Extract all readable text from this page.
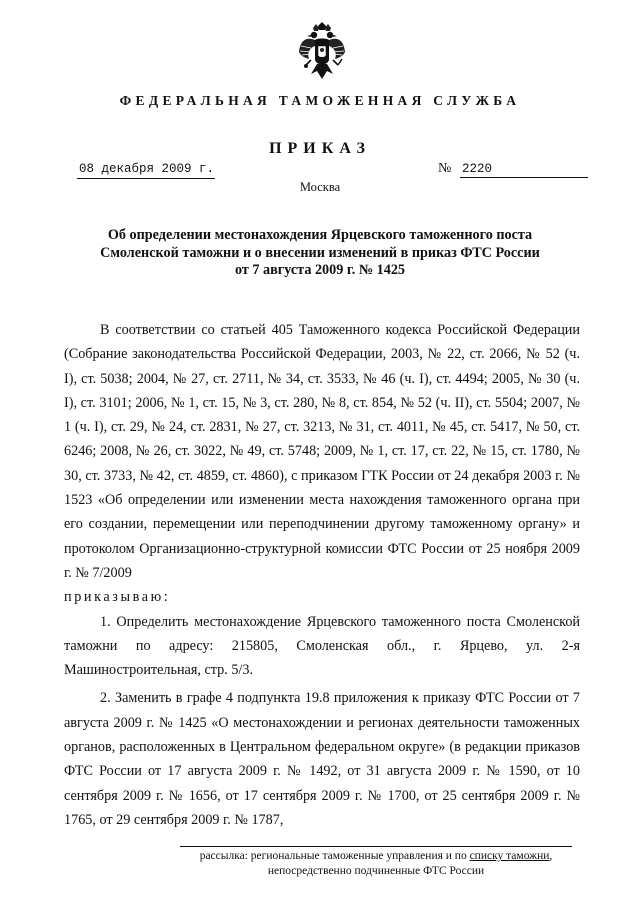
ФЕДЕРАЛЬНАЯ ТАМОЖЕННАЯ СЛУЖБА
ПРИКАЗ
08 декабря 2009 г.	№ 2220
Москва
Об определении местонахождения Ярцевского таможенного поста
Смоленской таможни и о внесении изменений в приказ ФТС России
от 7 августа 2009 г. № 1425

В соответствии со статьей 405 Таможенного кодекса Российской Федерации (Собрание законодательства Российской Федерации, 2003, № 22, ст. 2066, № 52 (ч. I), ст. 5038; 2004, № 27, ст. 2711, № 34, ст. 3533, № 46 (ч. I), ст. 4494; 2005, № 30 (ч. I), ст. 3101; 2006, № 1, ст. 15, № 3, ст. 280, № 8, ст. 854, № 52 (ч. II), ст. 5504; 2007, № 1 (ч. I), ст. 29, № 24, ст. 2831, № 27, ст. 3213, № 31, ст. 4011, № 45, ст. 5417, № 50, ст. 6246; 2008, № 26, ст. 3022, № 49, ст. 5748; 2009, № 1, ст. 17, ст. 22, № 15, ст. 1780, № 30, ст. 3733, № 42, ст. 4859, ст. 4860), с приказом ГТК России от 24 декабря 2003 г. № 1523 «Об определении или изменении места нахождения таможенного органа при его создании, перемещении или переподчинении другому таможенному органу» и протоколом Организационно-структурной комиссии ФТС России от 25 ноября 2009 г. № 7/2009

приказываю:

1. Определить местонахождение Ярцевского таможенного поста Смоленской таможни по адресу: 215805, Смоленская обл., г. Ярцево, ул. 2-я Машиностроительная, стр. 5/3.

2. Заменить в графе 4 подпункта 19.8 приложения к приказу ФТС России от 7 августа 2009 г. № 1425 «О местонахождении и регионах деятельности таможенных органов, расположенных в Центральном федеральном округе» (в редакции приказов ФТС России от 17 августа 2009 г. № 1492, от 31 августа 2009 г. № 1590, от 10 сентября 2009 г. № 1656, от 17 сентября 2009 г. № 1700, от 25 сентября 2009 г. № 1765, от 29 сентября 2009 г. № 1787,

рассылка: региональные таможенные управления и по списку таможни,
непосредственно подчиненные ФТС России
